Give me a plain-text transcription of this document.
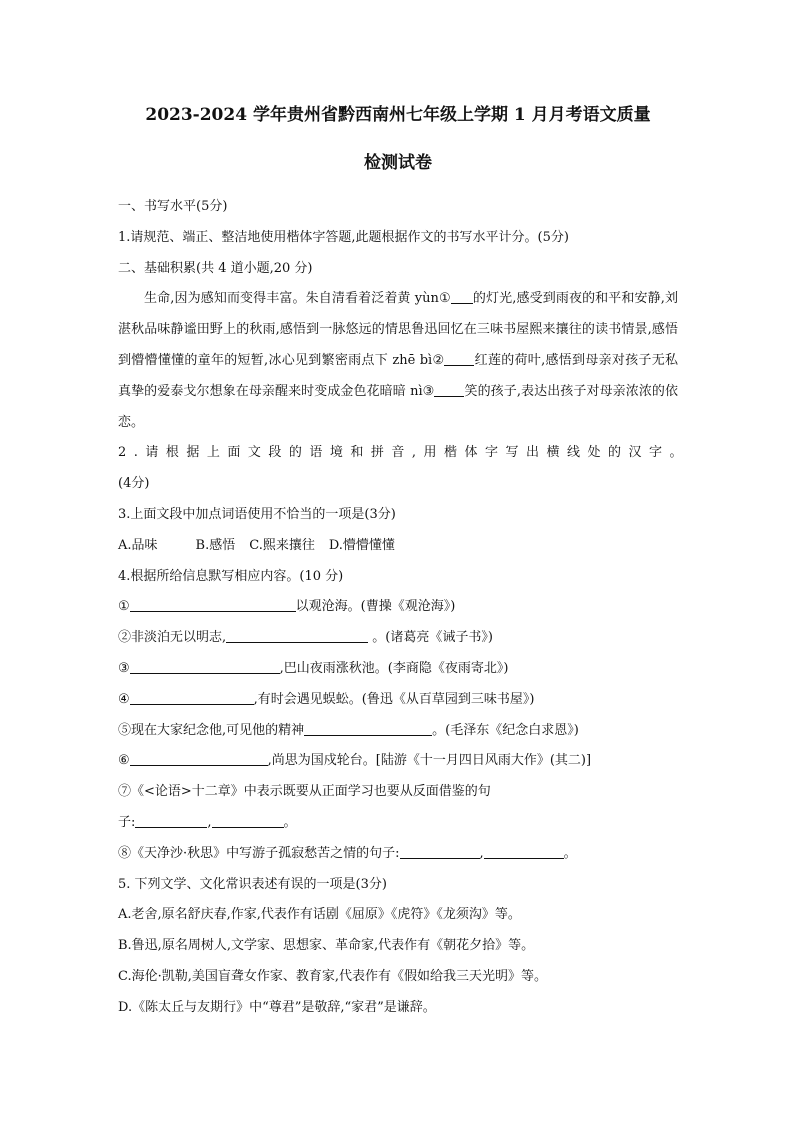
2023-2024 学年贵州省黔西南州七年级上学期 1 月月考语文质量
检测试卷
一、书写水平(5分)
1.请规范、端正、整洁地使用楷体字答题,此题根据作文的书写水平计分。(5分)
二、基础积累(共 4 道小题,20 分)
生命,因为感知而变得丰富。朱自清看着泛着黄 yùn① 的灯光,感受到雨夜的和平和安静,刘湛秋品味静谧田野上的秋雨,感悟到一脉悠远的情思鲁迅回忆在三味书屋熙来攘往的读书情景,感悟到懵懵懂懂的童年的短暂,冰心见到繁密雨点下 zhē bì② 红莲的荷叶,感悟到母亲对孩子无私真挚的爱泰戈尔想象在母亲醒来时变成金色花暗暗 nì③ 笑的孩子,表达出孩子对母亲浓浓的依恋。
2.请根据上面文段的语境和拼音,用楷体字写出横线处的汉字。
(4分)
3.上面文段中加点词语使用不恰当的一项是(3分)
A.品味	B.感悟 C.熙来攘往 D.懵懵懂懂
4.根据所给信息默写相应内容。(10 分)
①	以观沧海。(曹操《观沧海》)
②非淡泊无以明志,	。(诸葛亮《诫子书》)
③	,巴山夜雨涨秋池。(李商隐《夜雨寄北》)
④	,有时会遇见蜈蚣。(鲁迅《从百草园到三味书屋》)
⑤现在大家纪念他,可见他的精神	。(毛泽东《纪念白求恩》)
⑥	,尚思为国戍轮台。[陆游《十一月四日风雨大作》(其二)]
⑦《<论语>十二章》中表示既要从正面学习也要从反面借鉴的句
子:	,	。
⑧《天净沙·秋思》中写游子孤寂愁苦之情的句子:	,	。
5. 下列文学、文化常识表述有误的一项是(3分)
A.老舍,原名舒庆春,作家,代表作有话剧《屈原》《虎符》《龙须沟》等。
B.鲁迅,原名周树人,文学家、思想家、革命家,代表作有《朝花夕拾》等。
C.海伦·凯勒,美国盲聋女作家、教育家,代表作有《假如给我三天光明》等。
D.《陈太丘与友期行》中“尊君”是敬辞,“家君”是谦辞。
